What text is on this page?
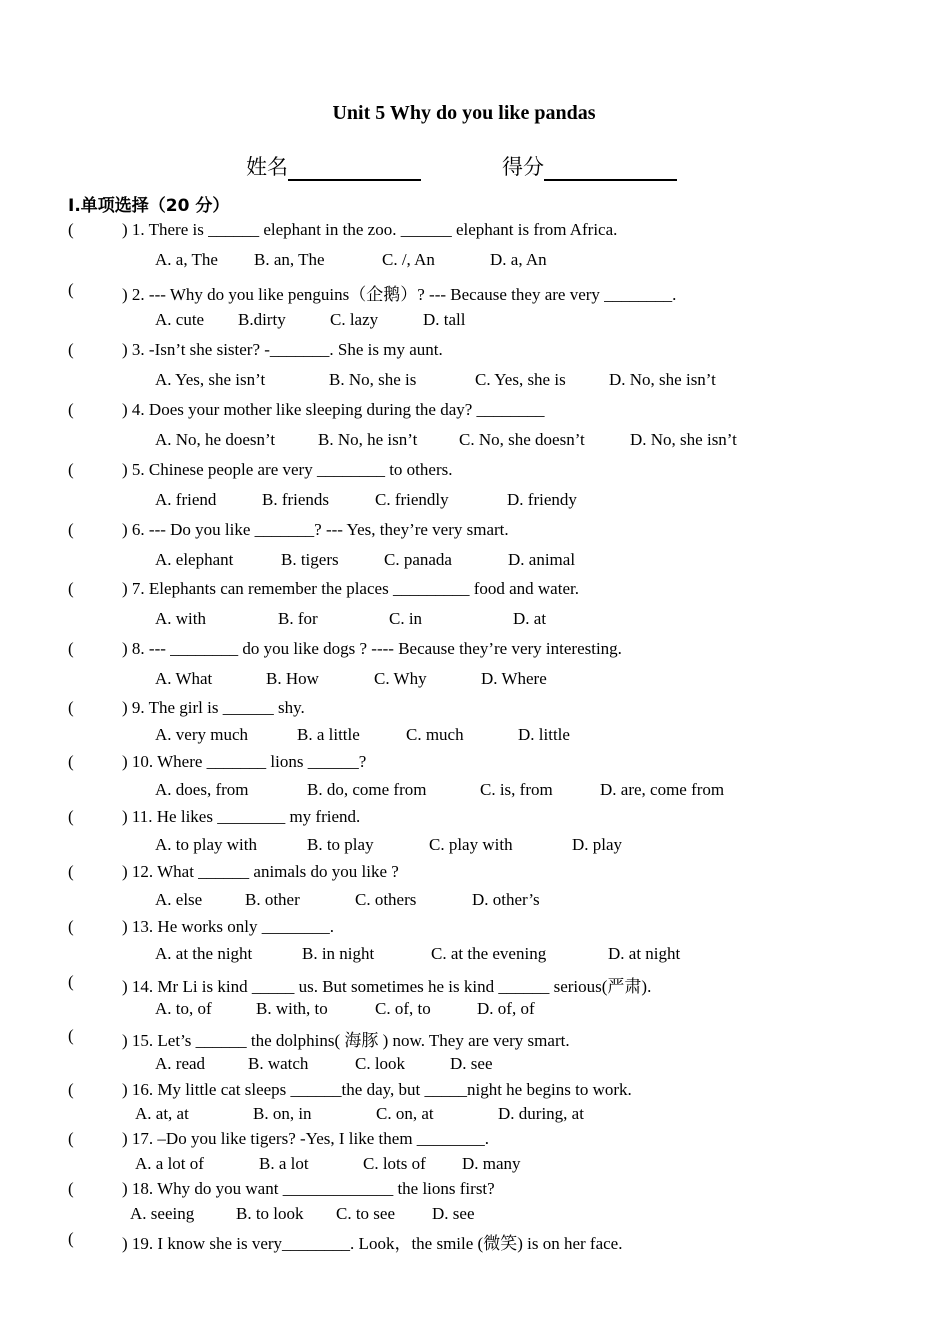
Unit 5 Why do you like pandas
姓名	得分
I.单项选择（20 分）
(	) 1. There is ______ elephant in the zoo. ______ elephant is from Africa.
A. a, The B. an, The	C. /, An	D. a, An
(	) 2. --- Why do you like penguins（企鹅）? --- Because they are very ________.
A. cute B.dirty	C. lazy	D. tall
(	) 3. -Isn’t she sister? -_______. She is my aunt.
A. Yes, she isn’t	B. No, she is	C. Yes, she is	D. No, she isn’t
(	) 4. Does your mother like sleeping during the day? ________
A. No, he doesn’t	B. No, he isn’t C. No, she doesn’t	D. No, she isn’t
(	) 5. Chinese people are very ________ to others.
A. friend	B. friends	C. friendly	D. friendy
(	) 6. --- Do you like _______? --- Yes, they’re very smart.
A. elephant	B. tigers	C. panada	D. animal
(	) 7. Elephants can remember the places _________ food and water.
A. with	B. for	C. in	D. at
(	) 8. --- ________ do you like dogs ? ---- Because they’re very interesting.
A. What	B. How	C. Why	D. Where
(	) 9. The girl is ______ shy.
A. very much	B. a little	C. much	D. little
(	) 10. Where _______ lions ______?
A. does, from	B. do, come from	C. is, from	D. are, come from
(	) 11. He likes ________ my friend.
A. to play with	B. to play	C. play with	D. play
(	) 12. What ______ animals do you like ?
A. else	B. other	C. others	D. other’s
(	) 13. He works only ________.
A. at the night	B. in night	C. at the evening	D. at night
(	) 14. Mr Li is kind _____ us. But sometimes he is kind ______ serious(严肃).
A. to, of	B. with, to	C. of, to	D. of, of
(	) 15. Let’s ______ the dolphins( 海豚 ) now. They are very smart.
A. read	B. watch	C. look	D. see
(	) 16. My little cat sleeps ______the day, but _____night he begins to work.
A. at, at	B. on, in	C. on, at	D. during, at
(	) 17. –Do you like tigers? -Yes, I like them ________.
A. a lot of	B. a lot	C. lots of D. many
(	) 18. Why do you want _____________ the lions first?
A. seeing B. to look C. to see D. see
(	) 19. I know she is very________. Look，the smile (微笑) is on her face.
